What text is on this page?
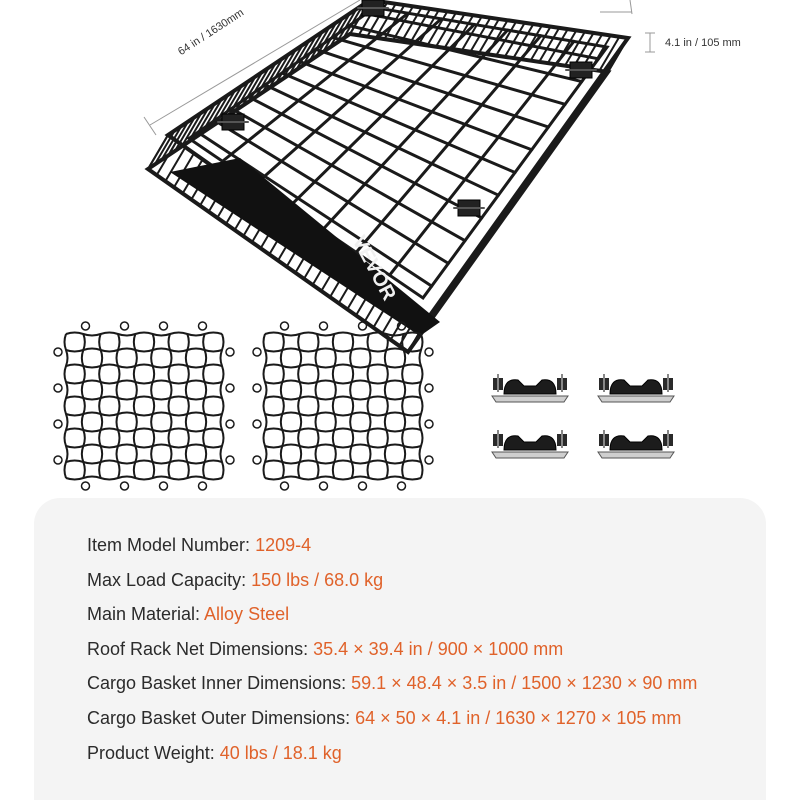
VEVOR
64 in / 1630mm	4.1 in / 105 mm
Item Model Number: 1209-4
Max Load Capacity: 150 lbs / 68.0 kg
Main Material: Alloy Steel
Roof Rack Net Dimensions: 35.4 × 39.4 in / 900 × 1000 mm
Cargo Basket Inner Dimensions: 59.1 × 48.4 × 3.5 in / 1500 × 1230 × 90 mm
Cargo Basket Outer Dimensions: 64 × 50 × 4.1 in / 1630 × 1270 × 105 mm
Product Weight: 40 lbs / 18.1 kg
